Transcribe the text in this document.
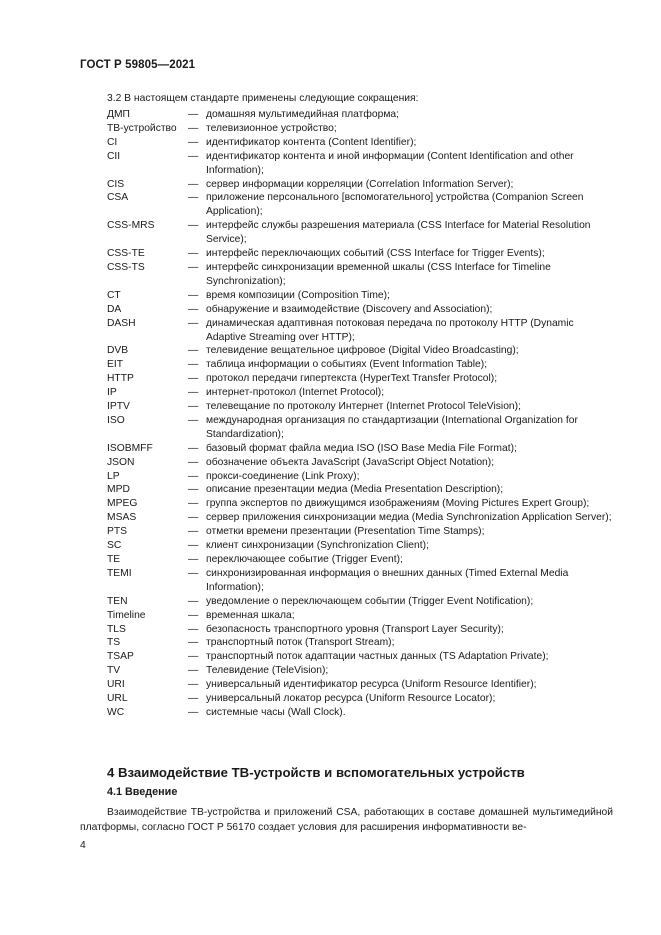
ГОСТ Р 59805—2021
3.2 В настоящем стандарте применены следующие сокращения:
ДМП	— домашняя мультимедийная платформа;
ТВ-устройство	— телевизионное устройство;
CI	— идентификатор контента (Content Identifier);
CII	— идентификатор контента и иной информации (Content Identification and other Information);
CIS	— сервер информации корреляции (Correlation Information Server);
CSA	— приложение персонального [вспомогательного] устройства (Companion Screen Application);
CSS-MRS	— интерфейс службы разрешения материала (CSS Interface for Material Resolution Service);
CSS-TE	— интерфейс переключающих событий (CSS Interface for Trigger Events);
CSS-TS	— интерфейс синхронизации временной шкалы (CSS Interface for Timeline Synchronization);
CT	— время композиции (Composition Time);
DA	— обнаружение и взаимодействие (Discovery and Association);
DASH	— динамическая адаптивная потоковая передача по протоколу HTTP (Dynamic Adaptive Streaming over HTTP);
DVB	— телевидение вещательное цифровое (Digital Video Broadcasting);
EIT	— таблица информации о событиях (Event Information Table);
HTTP	— протокол передачи гипертекста (HyperText Transfer Protocol);
IP	— интернет-протокол (Internet Protocol);
IPTV	— телевещание по протоколу Интернет (Internet Protocol TeleVision);
ISO	— международная организация по стандартизации (International Organization for Standardization);
ISOBMFF	— базовый формат файла медиа ISO (ISO Base Media File Format);
JSON	— обозначение объекта JavaScript (JavaScript Object Notation);
LP	— прокси-соединение (Link Proxy);
MPD	— описание презентации медиа (Media Presentation Description);
MPEG	— группа экспертов по движущимся изображениям (Moving Pictures Expert Group);
MSAS	— сервер приложения синхронизации медиа (Media Synchronization Application Server);
PTS	— отметки времени презентации (Presentation Time Stamps);
SC	— клиент синхронизации (Synchronization Client);
TE	— переключающее событие (Trigger Event);
TEMI	— синхронизированная информация о внешних данных (Timed External Media Information);
TEN	— уведомление о переключающем событии (Trigger Event Notification);
Timeline	— временная шкала;
TLS	— безопасность транспортного уровня (Transport Layer Security);
TS	— транспортный поток (Transport Stream);
TSAP	— транспортный поток адаптации частных данных (TS Adaptation Private);
TV	— Телевидение (TeleVision);
URI	— универсальный идентификатор ресурса (Uniform Resource Identifier);
URL	— универсальный локатор ресурса (Uniform Resource Locator);
WC	— системные часы (Wall Clock).
4 Взаимодействие ТВ-устройств и вспомогательных устройств
4.1 Введение
Взаимодействие ТВ-устройства и приложений CSA, работающих в составе домашней мультимедийной платформы, согласно ГОСТ Р 56170 создает условия для расширения информативности ве-
4
